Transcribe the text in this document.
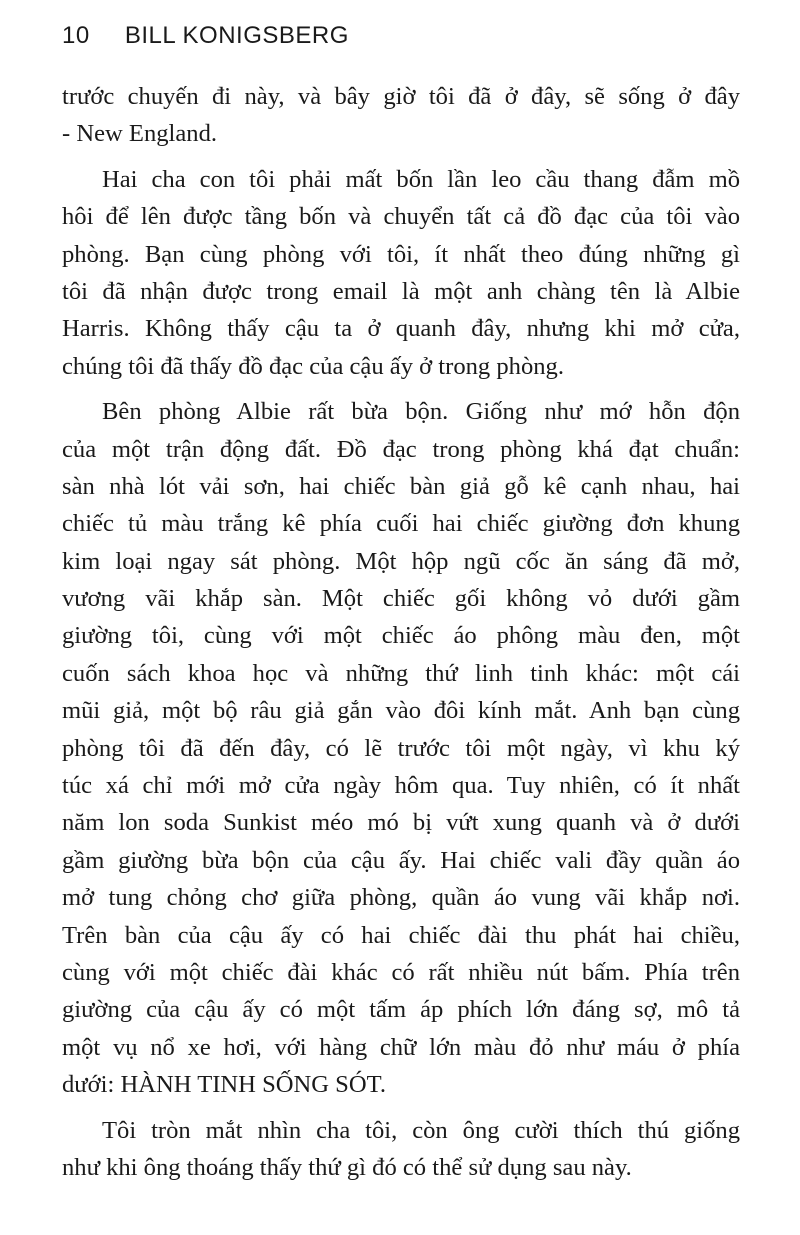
10 BILL KONIGSBERG
trước chuyến đi này, và bây giờ tôi đã ở đây, sẽ sống ở đây
- New England.
Hai cha con tôi phải mất bốn lần leo cầu thang đẫm mồ
hôi để lên được tầng bốn và chuyển tất cả đồ đạc của tôi vào
phòng. Bạn cùng phòng với tôi, ít nhất theo đúng những gì
tôi đã nhận được trong email là một anh chàng tên là Albie
Harris. Không thấy cậu ta ở quanh đây, nhưng khi mở cửa,
chúng tôi đã thấy đồ đạc của cậu ấy ở trong phòng.
Bên phòng Albie rất bừa bộn. Giống như mớ hỗn độn
của một trận động đất. Đồ đạc trong phòng khá đạt chuẩn:
sàn nhà lót vải sơn, hai chiếc bàn giả gỗ kê cạnh nhau, hai
chiếc tủ màu trắng kê phía cuối hai chiếc giường đơn khung
kim loại ngay sát phòng. Một hộp ngũ cốc ăn sáng đã mở,
vương vãi khắp sàn. Một chiếc gối không vỏ dưới gầm
giường tôi, cùng với một chiếc áo phông màu đen, một
cuốn sách khoa học và những thứ linh tinh khác: một cái
mũi giả, một bộ râu giả gắn vào đôi kính mắt. Anh bạn cùng
phòng tôi đã đến đây, có lẽ trước tôi một ngày, vì khu ký
túc xá chỉ mới mở cửa ngày hôm qua. Tuy nhiên, có ít nhất
năm lon soda Sunkist méo mó bị vứt xung quanh và ở dưới
gầm giường bừa bộn của cậu ấy. Hai chiếc vali đầy quần áo
mở tung chỏng chơ giữa phòng, quần áo vung vãi khắp nơi.
Trên bàn của cậu ấy có hai chiếc đài thu phát hai chiều,
cùng với một chiếc đài khác có rất nhiều nút bấm. Phía trên
giường của cậu ấy có một tấm áp phích lớn đáng sợ, mô tả
một vụ nổ xe hơi, với hàng chữ lớn màu đỏ như máu ở phía
dưới: HÀNH TINH SỐNG SÓT.
Tôi tròn mắt nhìn cha tôi, còn ông cười thích thú giống
như khi ông thoáng thấy thứ gì đó có thể sử dụng sau này.
